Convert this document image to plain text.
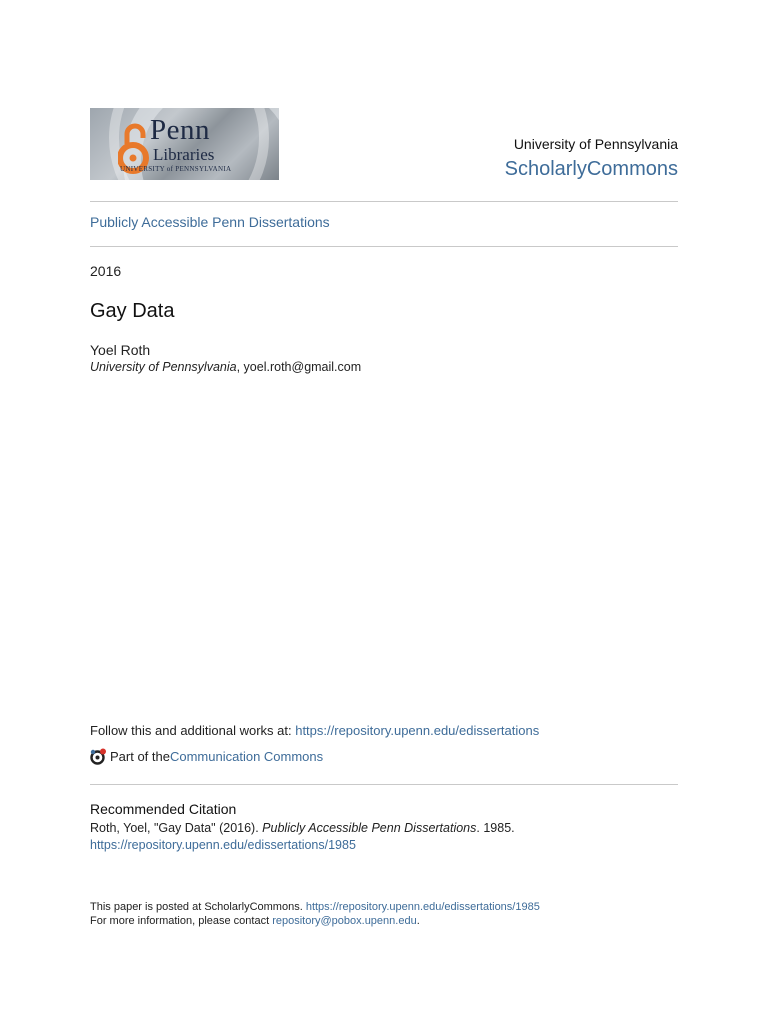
Penn
Libraries
UNIVERSITY of PENNSYLVANIA
University of Pennsylvania
ScholarlyCommons
Publicly Accessible Penn Dissertations
2016
Gay Data
Yoel Roth
University of Pennsylvania, yoel.roth@gmail.com
Follow this and additional works at: https://repository.upenn.edu/edissertations
Part of the Communication Commons
Recommended Citation
Roth, Yoel, "Gay Data" (2016). Publicly Accessible Penn Dissertations. 1985.
https://repository.upenn.edu/edissertations/1985
This paper is posted at ScholarlyCommons. https://repository.upenn.edu/edissertations/1985
For more information, please contact repository@pobox.upenn.edu.
